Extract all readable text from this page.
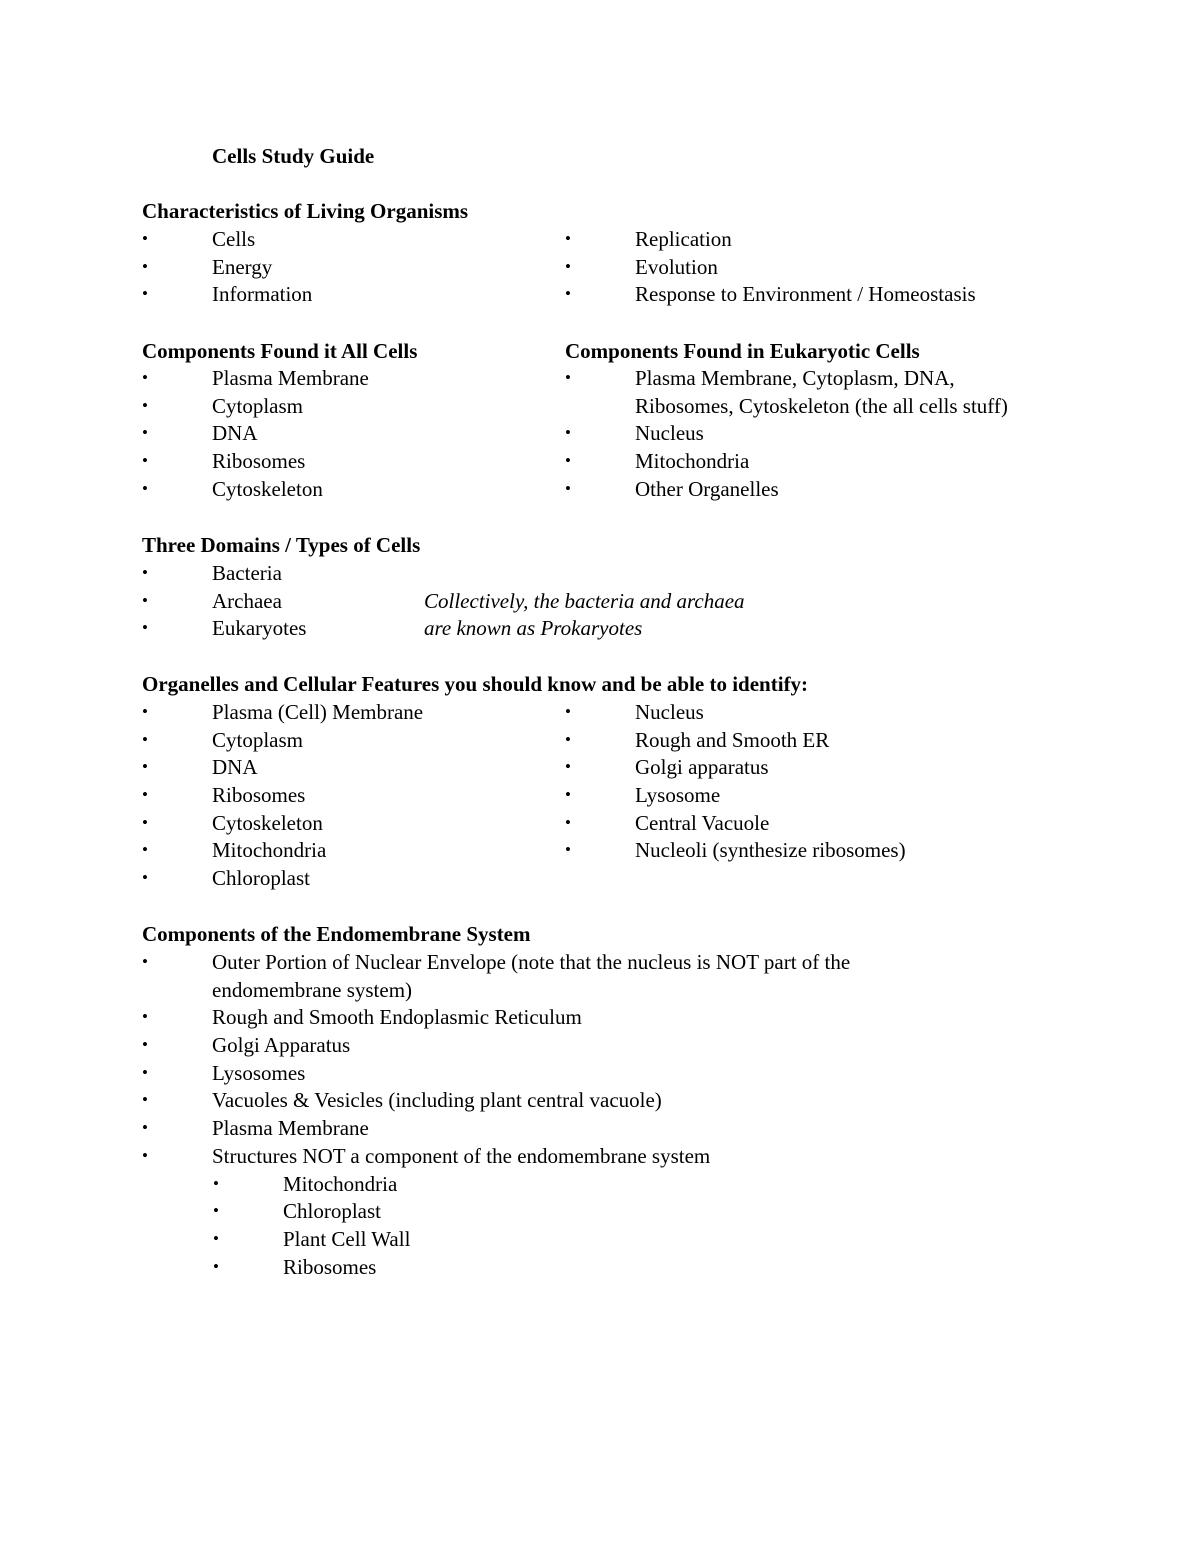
Cells Study Guide
Characteristics of Living Organisms
•	Cells
•	Energy
•	Information
•	Replication
•	Evolution
•	Response to Environment / Homeostasis
Components Found it All Cells
•	Plasma Membrane
•	Cytoplasm
•	DNA
•	Ribosomes
•	Cytoskeleton
Components Found in Eukaryotic Cells
•	Plasma Membrane, Cytoplasm, DNA,
Ribosomes, Cytoskeleton (the all cells stuff)
•	Nucleus
•	Mitochondria
•	Other Organelles
Three Domains / Types of Cells
•	Bacteria
•	Archaea
•	Eukaryotes
Collectively, the bacteria and archaea
are known as Prokaryotes
Organelles and Cellular Features you should know and be able to identify:
•	Plasma (Cell) Membrane
•	Cytoplasm
•	DNA
•	Ribosomes
•	Cytoskeleton
•	Mitochondria
•	Chloroplast
•	Nucleus
•	Rough and Smooth ER
•	Golgi apparatus
•	Lysosome
•	Central Vacuole
•	Nucleoli (synthesize ribosomes)
Components of the Endomembrane System
•	Outer Portion of Nuclear Envelope (note that the nucleus is NOT part of the
endomembrane system)
•	Rough and Smooth Endoplasmic Reticulum
•	Golgi Apparatus
•	Lysosomes
•	Vacuoles & Vesicles (including plant central vacuole)
•	Plasma Membrane
•	Structures NOT a component of the endomembrane system
•	Mitochondria
•	Chloroplast
•	Plant Cell Wall
•	Ribosomes
